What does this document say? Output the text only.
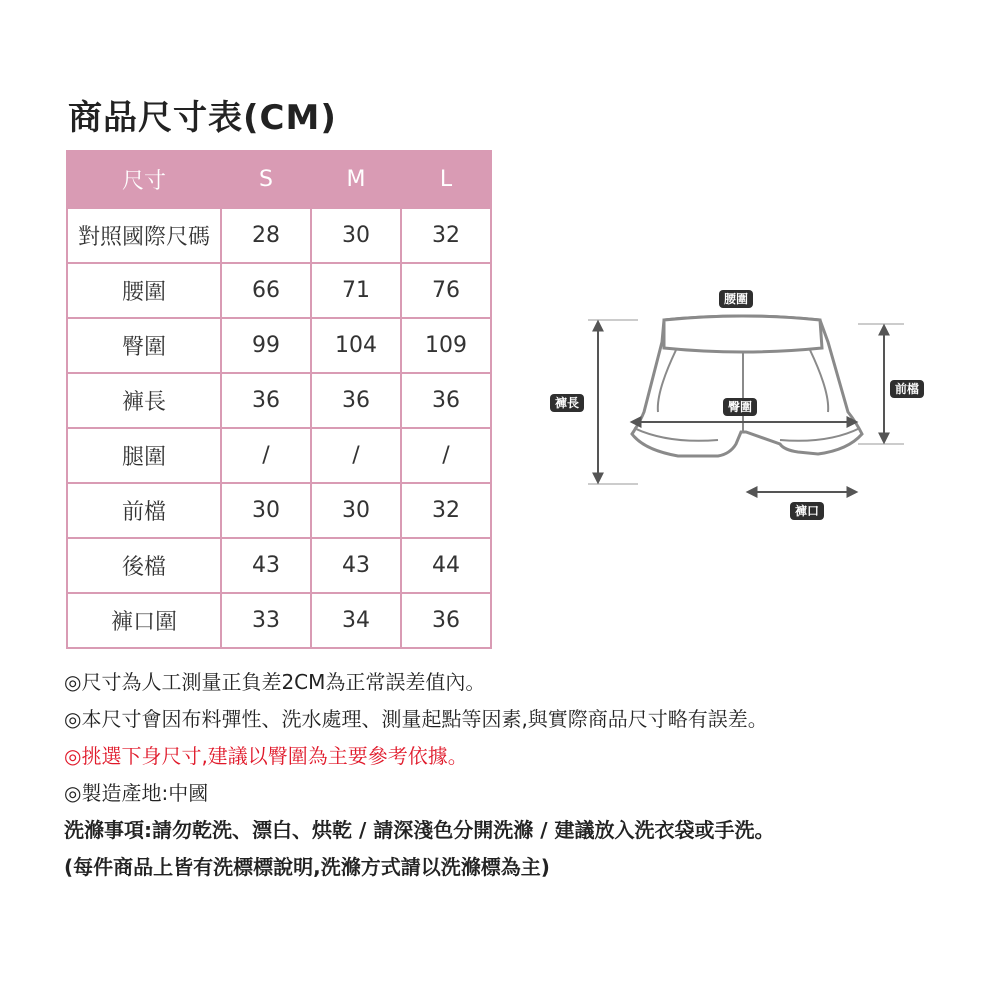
商品尺寸表(CM)
尺寸	S	M	L
對照國際尺碼	28	30	32
腰圍	66	71	76
臀圍	99	104	109
褲長	36	36	36
腿圍	/	/	/
前檔	30	30	32
後檔	43	43	44
褲口圍	33	34	36
腰圍
臀圍
褲長
前檔
褲口
◎尺寸為人工測量正負差2CM為正常誤差值內。
◎本尺寸會因布料彈性、洗水處理、測量起點等因素,與實際商品尺寸略有誤差。
◎挑選下身尺寸,建議以臀圍為主要參考依據。
◎製造產地:中國
洗滌事項:請勿乾洗、漂白、烘乾 / 請深淺色分開洗滌 / 建議放入洗衣袋或手洗。
(每件商品上皆有洗標標說明,洗滌方式請以洗滌標為主)
